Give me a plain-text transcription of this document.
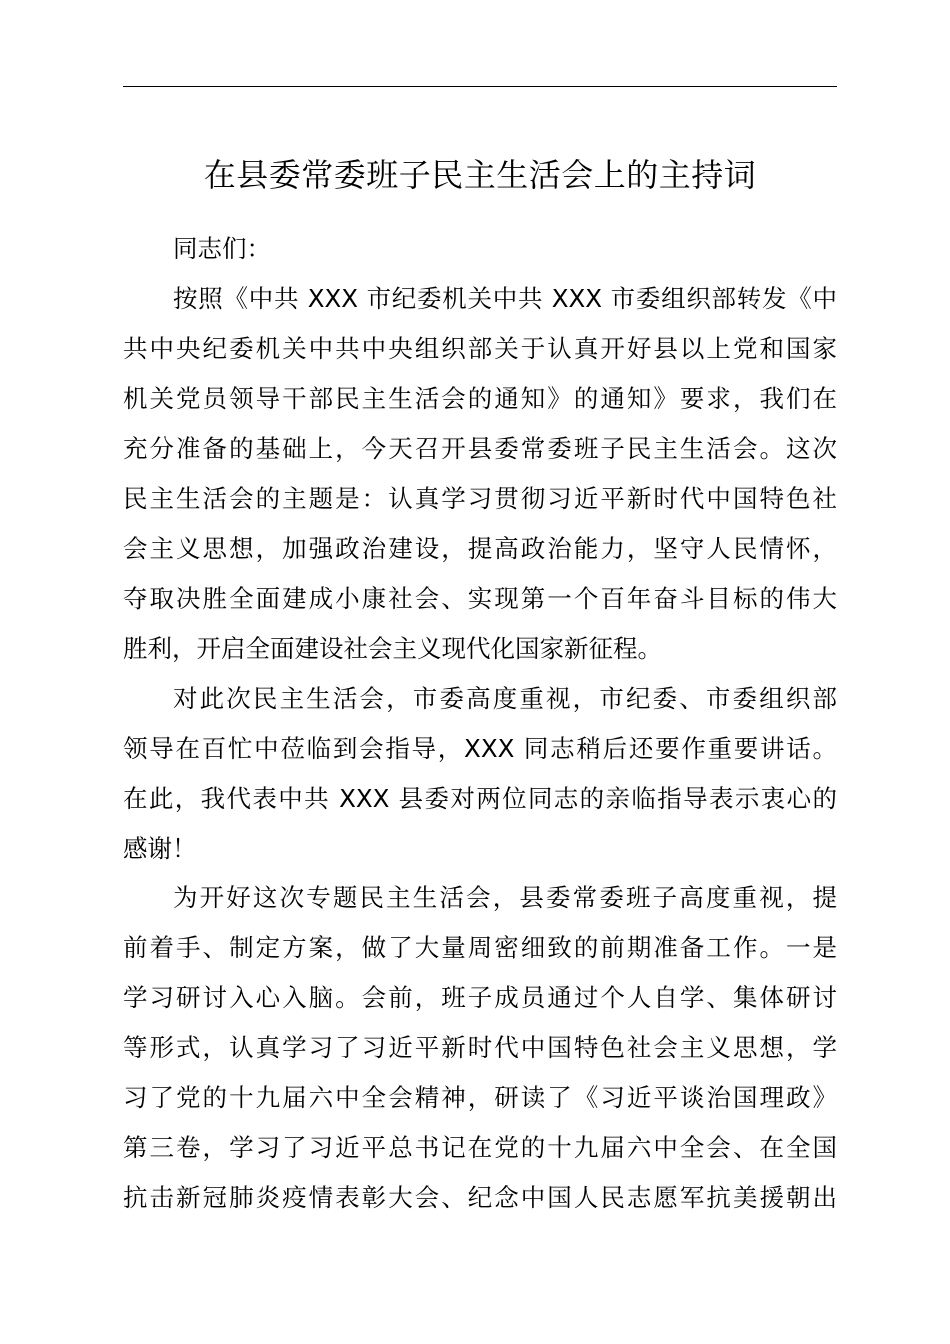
在县委常委班子民主生活会上的主持词
同志们：
按照《中共 XXX 市纪委机关中共 XXX 市委组织部转发《中
共中央纪委机关中共中央组织部关于认真开好县以上党和国家
机关党员领导干部民主生活会的通知》的通知》要求，我们在
充分准备的基础上，今天召开县委常委班子民主生活会。这次
民主生活会的主题是：认真学习贯彻习近平新时代中国特色社
会主义思想，加强政治建设，提高政治能力，坚守人民情怀，
夺取决胜全面建成小康社会、实现第一个百年奋斗目标的伟大
胜利，开启全面建设社会主义现代化国家新征程。
对此次民主生活会，市委高度重视，市纪委、市委组织部
领导在百忙中莅临到会指导，XXX 同志稍后还要作重要讲话。
在此，我代表中共 XXX 县委对两位同志的亲临指导表示衷心的
感谢！
为开好这次专题民主生活会，县委常委班子高度重视，提
前着手、制定方案，做了大量周密细致的前期准备工作。一是
学习研讨入心入脑。会前，班子成员通过个人自学、集体研讨
等形式，认真学习了习近平新时代中国特色社会主义思想，学
习了党的十九届六中全会精神，研读了《习近平谈治国理政》
第三卷，学习了习近平总书记在党的十九届六中全会、在全国
抗击新冠肺炎疫情表彰大会、纪念中国人民志愿军抗美援朝出
